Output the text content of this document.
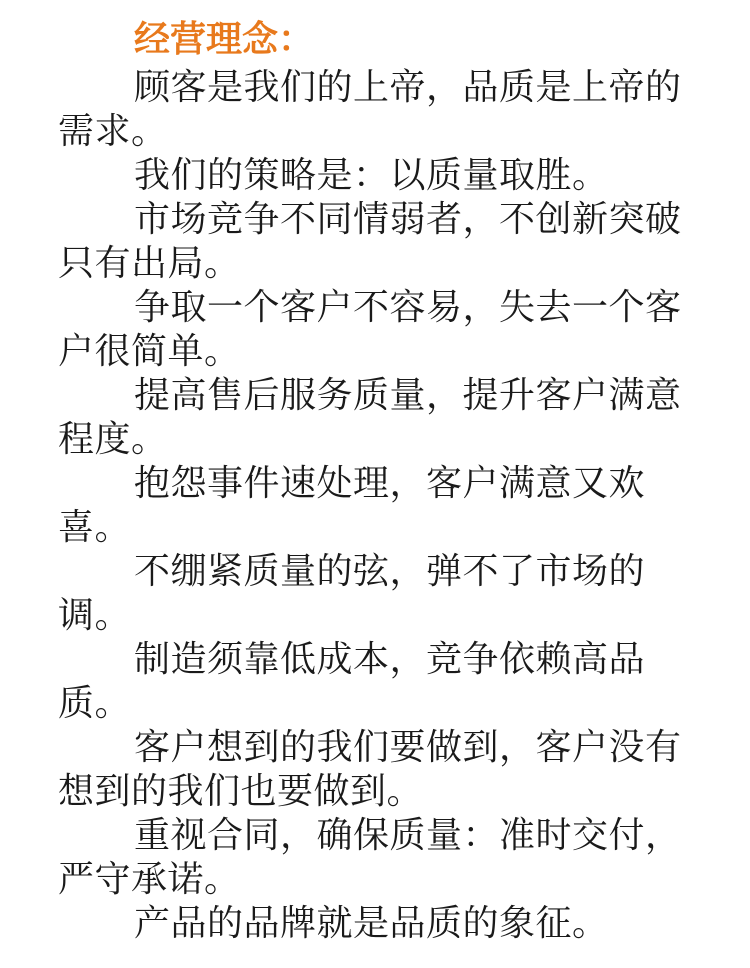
经营理念：

顾客是我们的上帝，品质是上帝的需求。

我们的策略是：以质量取胜。

市场竞争不同情弱者，不创新突破只有出局。

争取一个客户不容易，失去一个客户很简单。

提高售后服务质量，提升客户满意程度。

抱怨事件速处理，客户满意又欢喜。

不绷紧质量的弦，弹不了市场的调。

制造须靠低成本，竞争依赖高品质。

客户想到的我们要做到，客户没有想到的我们也要做到。

重视合同，确保质量：准时交付，严守承诺。

产品的品牌就是品质的象征。
